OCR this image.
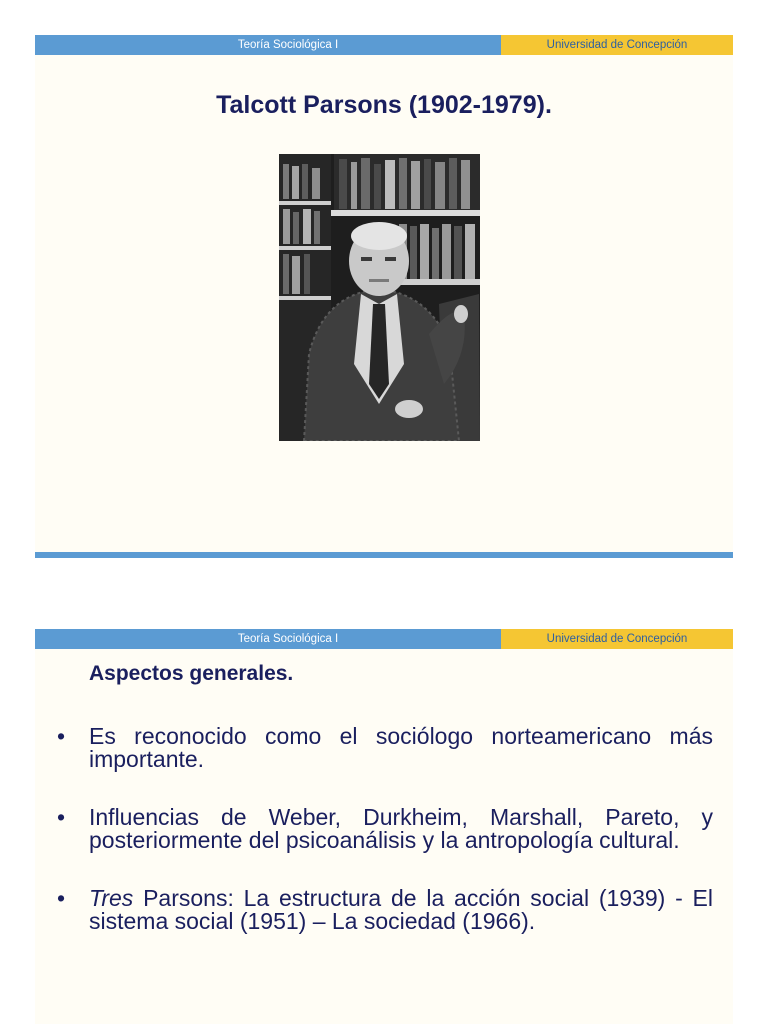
Teoría Sociológica I	Universidad de Concepción
Talcott Parsons (1902-1979).
Teoría Sociológica I	Universidad de Concepción
Aspectos generales.
• Es reconocido como el sociólogo norteamericano más importante.
• Influencias de Weber, Durkheim, Marshall, Pareto, y posteriormente del psicoanálisis y la antropología cultural.
• Tres Parsons: La estructura de la acción social (1939) - El sistema social (1951) – La sociedad (1966).
